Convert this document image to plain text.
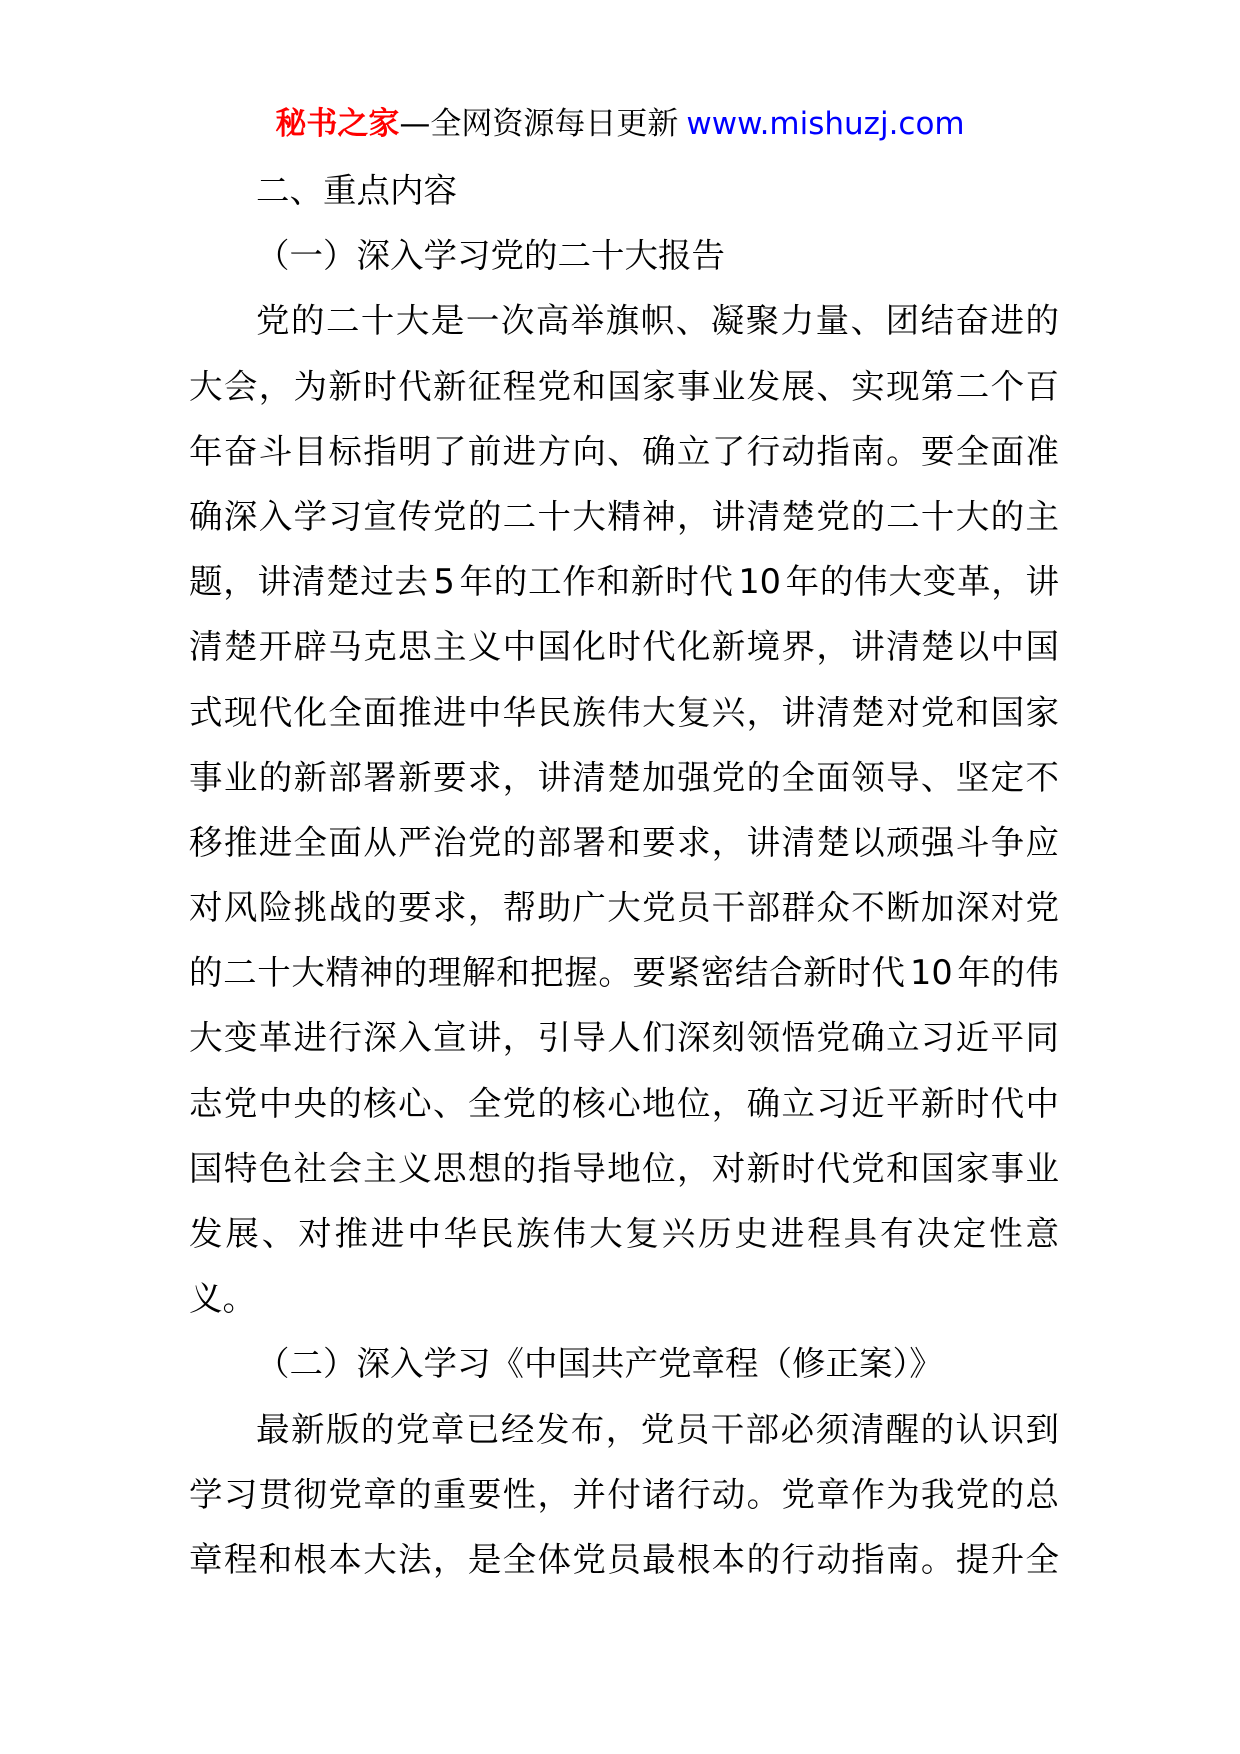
秘书之家—全网资源每日更新 www.mishuzj.com
二、重点内容
（一）深入学习党的二十大报告
党的二十大是一次高举旗帜、凝聚力量、团结奋进的
大会，为新时代新征程党和国家事业发展、实现第二个百
年奋斗目标指明了前进方向、确立了行动指南。要全面准
确深入学习宣传党的二十大精神，讲清楚党的二十大的主
题，讲清楚过去 5 年的工作和新时代 10 年的伟大变革，讲
清楚开辟马克思主义中国化时代化新境界，讲清楚以中国
式现代化全面推进中华民族伟大复兴，讲清楚对党和国家
事业的新部署新要求，讲清楚加强党的全面领导、坚定不
移推进全面从严治党的部署和要求，讲清楚以顽强斗争应
对风险挑战的要求，帮助广大党员干部群众不断加深对党
的二十大精神的理解和把握。要紧密结合新时代 10 年的伟
大变革进行深入宣讲，引导人们深刻领悟党确立习近平同
志党中央的核心、全党的核心地位，确立习近平新时代中
国特色社会主义思想的指导地位，对新时代党和国家事业
发展、对推进中华民族伟大复兴历史进程具有决定性意
义。
（二）深入学习《中国共产党章程（修正案）》
最新版的党章已经发布，党员干部必须清醒的认识到
学习贯彻党章的重要性，并付诸行动。党章作为我党的总
章程和根本大法，是全体党员最根本的行动指南。提升全
